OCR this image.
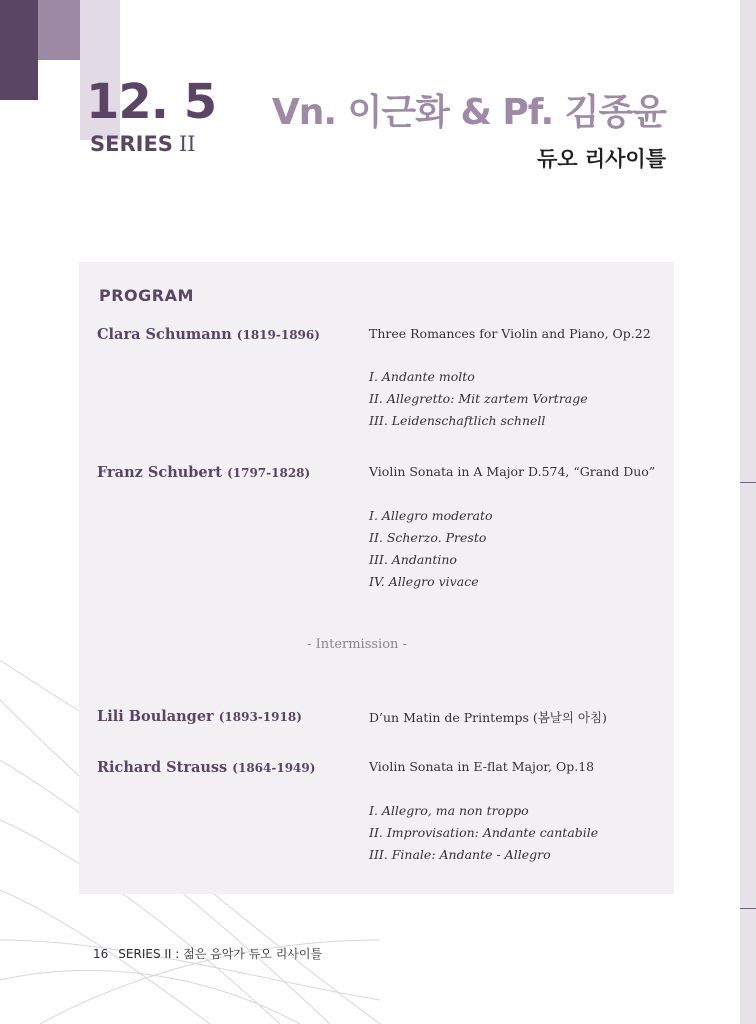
12. 5
SERIES II
Vn. 이근화 & Pf. 김종윤
듀오 리사이틀
PROGRAM
Clara Schumann (1819-1896)	Three Romances for Violin and Piano, Op.22
I. Andante molto
II. Allegretto: Mit zartem Vortrage
III. Leidenschaftlich schnell
Franz Schubert (1797-1828)	Violin Sonata in A Major D.574, “Grand Duo”
I. Allegro moderato
II. Scherzo. Presto
III. Andantino
IV. Allegro vivace
- Intermission -
Lili Boulanger (1893-1918)	D’un Matin de Printemps (봄날의 아침)
Richard Strauss (1864-1949)	Violin Sonata in E-flat Major, Op.18
I. Allegro, ma non troppo
II. Improvisation: Andante cantabile
III. Finale: Andante - Allegro
16 SERIES II : 젊은 음악가 듀오 리사이틀
